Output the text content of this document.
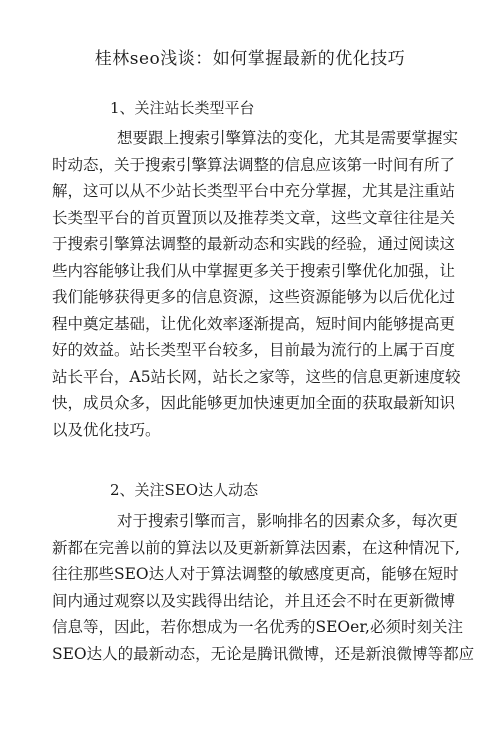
桂林seo浅谈：如何掌握最新的优化技巧
1、关注站长类型平台
想要跟上搜索引擎算法的变化，尤其是需要掌握实
时动态，关于搜索引擎算法调整的信息应该第一时间有所了
解，这可以从不少站长类型平台中充分掌握，尤其是注重站
长类型平台的首页置顶以及推荐类文章，这些文章往往是关
于搜索引擎算法调整的最新动态和实践的经验，通过阅读这
些内容能够让我们从中掌握更多关于搜索引擎优化加强，让
我们能够获得更多的信息资源，这些资源能够为以后优化过
程中奠定基础，让优化效率逐渐提高，短时间内能够提高更
好的效益。站长类型平台较多，目前最为流行的上属于百度
站长平台，A5站长网，站长之家等，这些的信息更新速度较
快，成员众多，因此能够更加快速更加全面的获取最新知识
以及优化技巧。
2、关注SEO达人动态
对于搜索引擎而言，影响排名的因素众多，每次更
新都在完善以前的算法以及更新新算法因素，在这种情况下,
往往那些SEO达人对于算法调整的敏感度更高，能够在短时
间内通过观察以及实践得出结论，并且还会不时在更新微博
信息等，因此，若你想成为一名优秀的SEOer,必须时刻关注
SEO达人的最新动态，无论是腾讯微博，还是新浪微博等都应
